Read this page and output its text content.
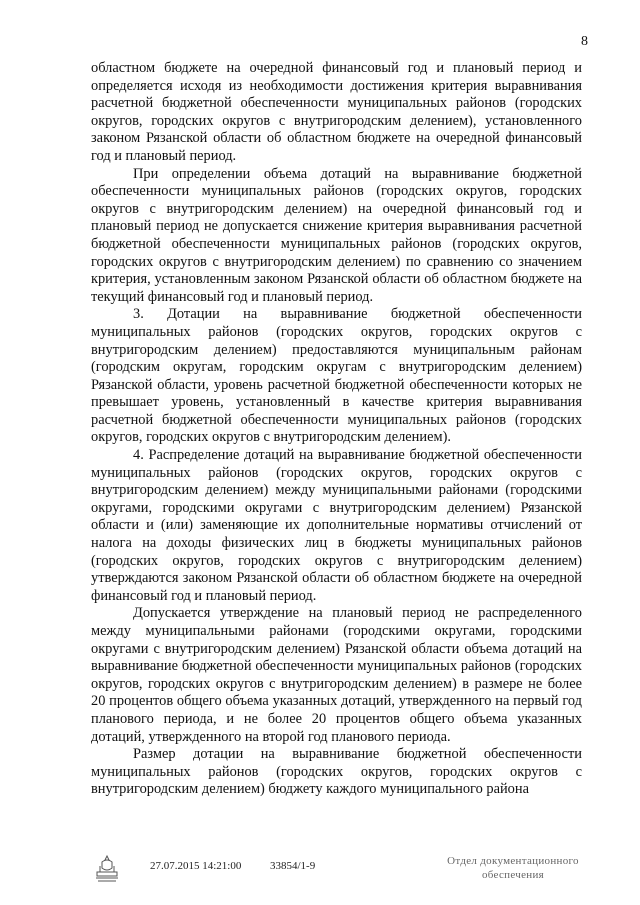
8

областном бюджете на очередной финансовый год и плановый период и определяется исходя из необходимости достижения критерия выравнивания расчетной бюджетной обеспеченности муниципальных районов (городских округов, городских округов с внутригородским делением), установленного законом Рязанской области об областном бюджете на очередной финансовый год и плановый период.

При определении объема дотаций на выравнивание бюджетной обеспеченности муниципальных районов (городских округов, городских округов с внутригородским делением) на очередной финансовый год и плановый период не допускается снижение критерия выравнивания расчетной бюджетной обеспеченности муниципальных районов (городских округов, городских округов с внутригородским делением) по сравнению со значением критерия, установленным законом Рязанской области об областном бюджете на текущий финансовый год и плановый период.

3. Дотации на выравнивание бюджетной обеспеченности муниципальных районов (городских округов, городских округов с внутригородским делением) предоставляются муниципальным районам (городским округам, городским округам с внутригородским делением) Рязанской области, уровень расчетной бюджетной обеспеченности которых не превышает уровень, установленный в качестве критерия выравнивания расчетной бюджетной обеспеченности муниципальных районов (городских округов, городских округов с внутригородским делением).

4. Распределение дотаций на выравнивание бюджетной обеспеченности муниципальных районов (городских округов, городских округов с внутригородским делением) между муниципальными районами (городскими округами, городскими округами с внутригородским делением) Рязанской области и (или) заменяющие их дополнительные нормативы отчислений от налога на доходы физических лиц в бюджеты муниципальных районов (городских округов, городских округов с внутригородским делением) утверждаются законом Рязанской области об областном бюджете на очередной финансовый год и плановый период.

Допускается утверждение на плановый период не распределенного между муниципальными районами (городскими округами, городскими округами с внутригородским делением) Рязанской области объема дотаций на выравнивание бюджетной обеспеченности муниципальных районов (городских округов, городских округов с внутригородским делением) в размере не более 20 процентов общего объема указанных дотаций, утвержденного на первый год планового периода, и не более 20 процентов общего объема указанных дотаций, утвержденного на второй год планового периода.

Размер дотации на выравнивание бюджетной обеспеченности муниципальных районов (городских округов, городских округов с внутригородским делением) бюджету каждого муниципального района

27.07.2015 14:21:00	33854/1-9	Отдел документационного
обеспечения
